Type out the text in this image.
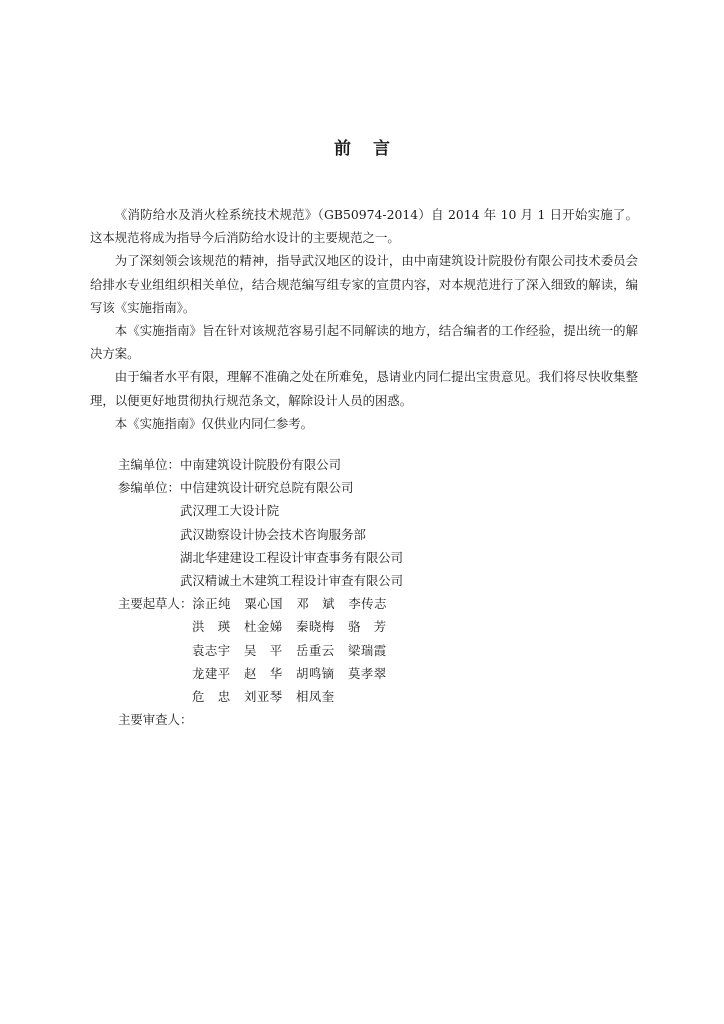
前 言

《消防给水及消火栓系统技术规范》（GB50974-2014）自 2014 年 10 月 1 日开始实施了。这本规范将成为指导今后消防给水设计的主要规范之一。

为了深刻领会该规范的精神，指导武汉地区的设计，由中南建筑设计院股份有限公司技术委员会给排水专业组组织相关单位，结合规范编写组专家的宣贯内容，对本规范进行了深入细致的解读，编写该《实施指南》。

本《实施指南》旨在针对该规范容易引起不同解读的地方，结合编者的工作经验，提出统一的解决方案。

由于编者水平有限，理解不准确之处在所难免，恳请业内同仁提出宝贵意见。我们将尽快收集整理，以便更好地贯彻执行规范条文，解除设计人员的困惑。

本《实施指南》仅供业内同仁参考。

主编单位： 中南建筑设计院股份有限公司
参编单位： 中信建筑设计研究总院有限公司
武汉理工大设计院
武汉勘察设计协会技术咨询服务部
湖北华建建设工程设计审查事务有限公司
武汉精诚土木建筑工程设计审查有限公司
主要起草人： 涂正纯	粟心国	邓　斌	李传志
洪　瑛	杜金娣	秦晓梅	骆　芳
袁志宇	吴　平	岳重云	梁瑞霞
龙建平	赵　华	胡鸣镝	莫孝翠
危　忠	刘亚琴	相凤奎
主要审查人：
